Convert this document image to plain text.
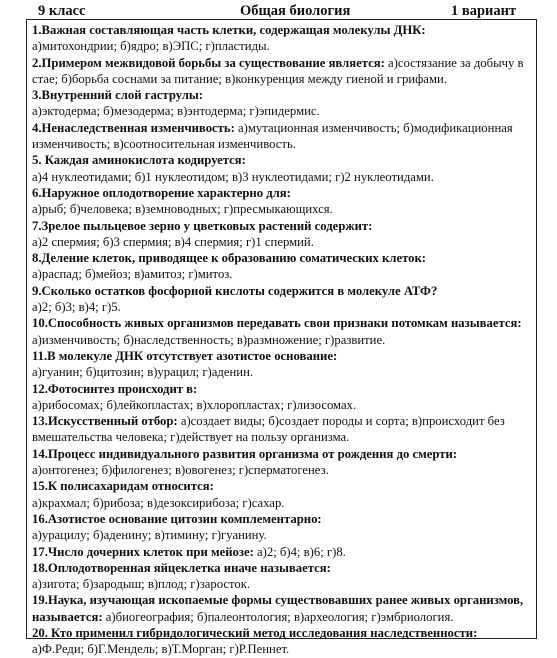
9 класс	Общая биология	1 вариант

1.Важная составляющая часть клетки, содержащая молекулы ДНК:
а)митохондрии; б)ядро; в)ЭПС; г)пластиды.

2.Примером межвидовой борьбы за существование является: а)состязание за добычу в стае; б)борьба соснами за питание; в)конкуренция между гиеной и грифами.

3.Внутренний слой гаструлы:
а)эктодерма; б)мезодерма; в)энтодерма; г)эпидермис.

4.Ненаследственная изменчивость: а)мутационная изменчивость; б)модификационная изменчивость; в)соотносительная изменчивость.

5. Каждая аминокислота кодируется:
а)4 нуклеотидами; б)1 нуклеотидом; в)3 нуклеотидами; г)2 нуклеотидами.

6.Наружное оплодотворение характерно для:
а)рыб; б)человека; в)земноводных; г)пресмыкающихся.

7.Зрелое пыльцевое зерно у цветковых растений содержит:
а)2 спермия; б)3 спермия; в)4 спермия; г)1 спермий.

8.Деление клеток, приводящее к образованию соматических клеток:
а)распад; б)мейоз; в)амитоз; г)митоз.

9.Сколько остатков фосфорной кислоты содержится в молекуле АТФ?
а)2; б)3; в)4; г)5.

10.Способность живых организмов передавать свои признаки потомкам называется: а)изменчивость; б)наследственность; в)размножение; г)развитие.

11.В молекуле ДНК отсутствует азотистое основание:
а)гуанин; б)цитозин; в)урацил; г)аденин.

12.Фотосинтез происходит в:
а)рибосомах; б)лейкопластах; в)хлоропластах; г)лизосомах.

13.Искусственный отбор: а)создает виды; б)создает породы и сорта; в)происходит без вмешательства человека; г)действует на пользу организма.

14.Процесс индивидуального развития организма от рождения до смерти:
а)онтогенез; б)филогенез; в)овогенез; г)сперматогенез.

15.К полисахаридам относится:
а)крахмал; б)рибоза; в)дезоксирибоза; г)сахар.

16.Азотистое основание цитозин комплементарно:
а)урацилу; б)аденину; в)тимину; г)гуанину.

17.Число дочерних клеток при мейозе: а)2; б)4; в)6; г)8.

18.Оплодотворенная яйцеклетка иначе называется:
а)зигота; б)зародыш; в)плод; г)заросток.

19.Наука, изучающая ископаемые формы существовавших ранее живых организмов, называется: а)биогеография; б)палеонтология; в)археология; г)эмбриология.

20. Кто применил гибридологический метод исследования наследственности:
а)Ф.Реди; б)Г.Мендель; в)Т.Морган; г)Р.Пеннет.
